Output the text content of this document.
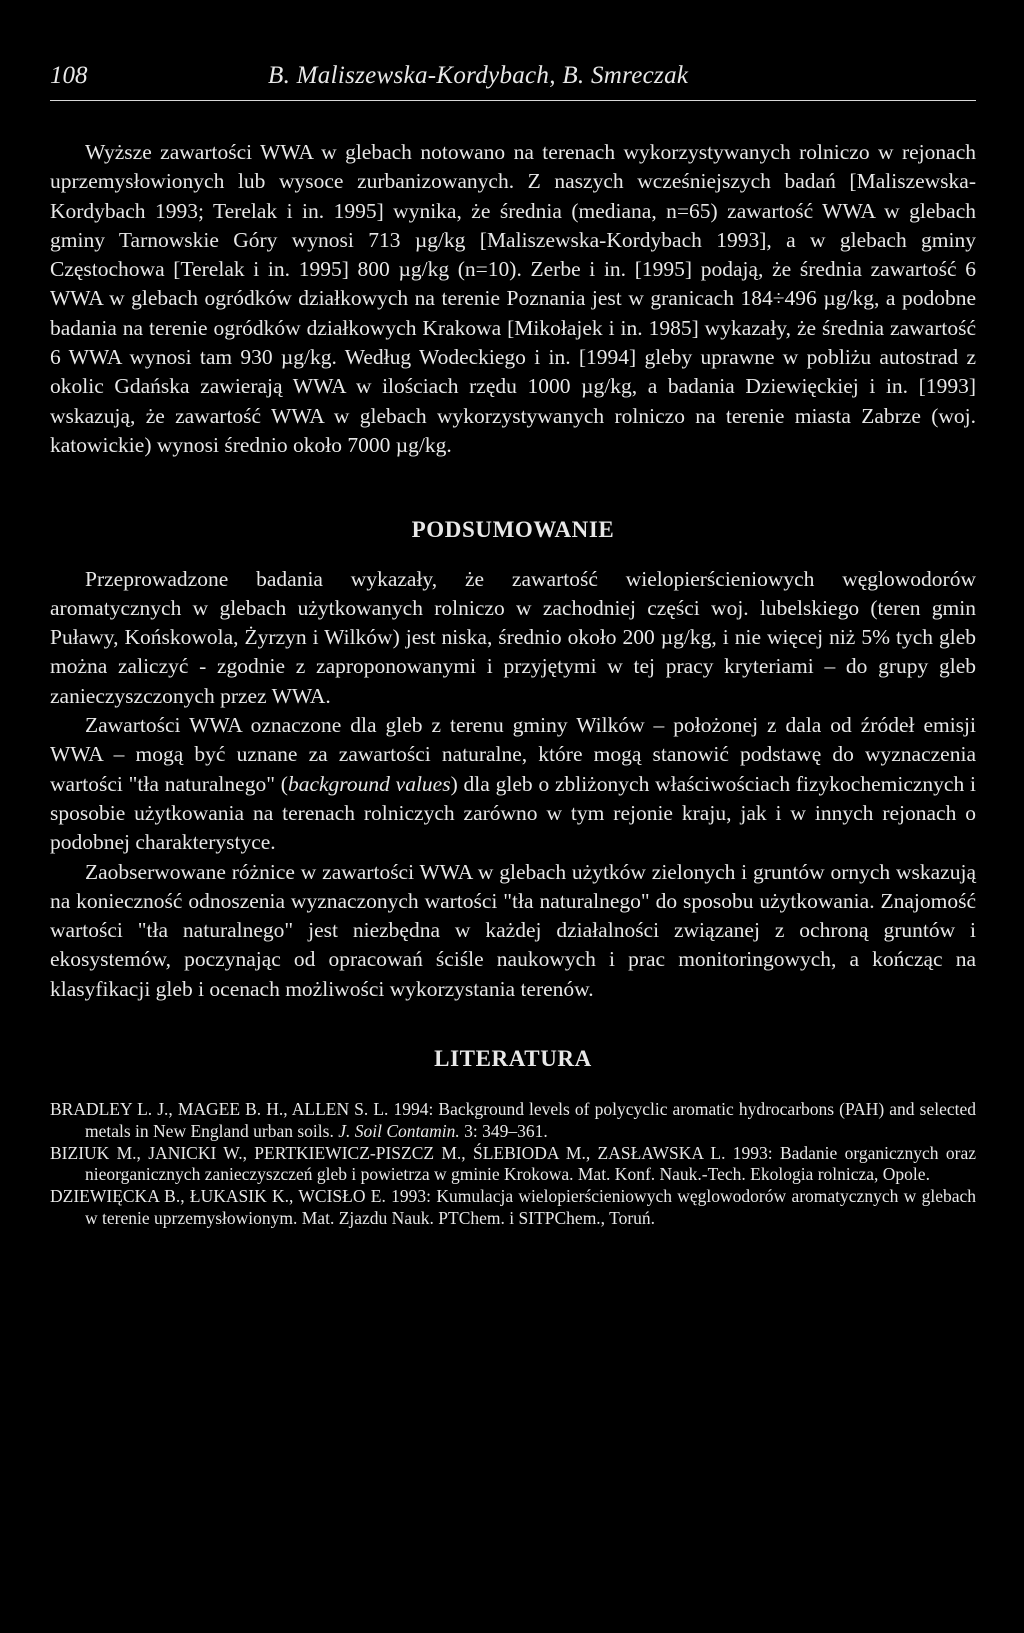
108	B. Maliszewska-Kordybach, B. Smreczak

Wyższe zawartości WWA w glebach notowano na terenach wykorzystywanych rolniczo w rejonach uprzemysłowionych lub wysoce zurbanizowanych. Z naszych wcześniejszych badań [Maliszewska-Kordybach 1993; Terelak i in. 1995] wynika, że średnia (mediana, n=65) zawartość WWA w glebach gminy Tarnowskie Góry wynosi 713 µg/kg [Maliszewska-Kordybach 1993], a w glebach gminy Częstochowa [Terelak i in. 1995] 800 µg/kg (n=10). Zerbe i in. [1995] podają, że średnia zawartość 6 WWA w glebach ogródków działkowych na terenie Poznania jest w granicach 184÷496 µg/kg, a podobne badania na terenie ogródków działkowych Krakowa [Mikołajek i in. 1985] wykazały, że średnia zawartość 6 WWA wynosi tam 930 µg/kg. Według Wodeckiego i in. [1994] gleby uprawne w pobliżu autostrad z okolic Gdańska zawierają WWA w ilościach rzędu 1000 µg/kg, a badania Dziewięckiej i in. [1993] wskazują, że zawartość WWA w glebach wykorzystywanych rolniczo na terenie miasta Zabrze (woj. katowickie) wynosi średnio około 7000 µg/kg.

PODSUMOWANIE

Przeprowadzone badania wykazały, że zawartość wielopierścieniowych węglowodorów aromatycznych w glebach użytkowanych rolniczo w zachodniej części woj. lubelskiego (teren gmin Puławy, Końskowola, Żyrzyn i Wilków) jest niska, średnio około 200 µg/kg, i nie więcej niż 5% tych gleb można zaliczyć - zgodnie z zaproponowanymi i przyjętymi w tej pracy kryteriami – do grupy gleb zanieczyszczonych przez WWA.

Zawartości WWA oznaczone dla gleb z terenu gminy Wilków – położonej z dala od źródeł emisji WWA – mogą być uznane za zawartości naturalne, które mogą stanowić podstawę do wyznaczenia wartości "tła naturalnego" (background values) dla gleb o zbliżonych właściwościach fizykochemicznych i sposobie użytkowania na terenach rolniczych zarówno w tym rejonie kraju, jak i w innych rejonach o podobnej charakterystyce.

Zaobserwowane różnice w zawartości WWA w glebach użytków zielonych i gruntów ornych wskazują na konieczność odnoszenia wyznaczonych wartości "tła naturalnego" do sposobu użytkowania. Znajomość wartości "tła naturalnego" jest niezbędna w każdej działalności związanej z ochroną gruntów i ekosystemów, poczynając od opracowań ściśle naukowych i prac monitoringowych, a kończąc na klasyfikacji gleb i ocenach możliwości wykorzystania terenów.

LITERATURA

BRADLEY L. J., MAGEE B. H., ALLEN S. L. 1994: Background levels of polycyclic aromatic hydrocarbons (PAH) and selected metals in New England urban soils. J. Soil Contamin. 3: 349–361.

BIZIUK M., JANICKI W., PERTKIEWICZ-PISZCZ M., ŚLEBIODA M., ZASŁAWSKA L. 1993: Badanie organicznych oraz nieorganicznych zanieczyszczeń gleb i powietrza w gminie Krokowa. Mat. Konf. Nauk.-Tech. Ekologia rolnicza, Opole.

DZIEWIĘCKA B., ŁUKASIK K., WCISŁO E. 1993: Kumulacja wielopierścieniowych węglowodorów aromatycznych w glebach w terenie uprzemysłowionym. Mat. Zjazdu Nauk. PTChem. i SITPChem., Toruń.
